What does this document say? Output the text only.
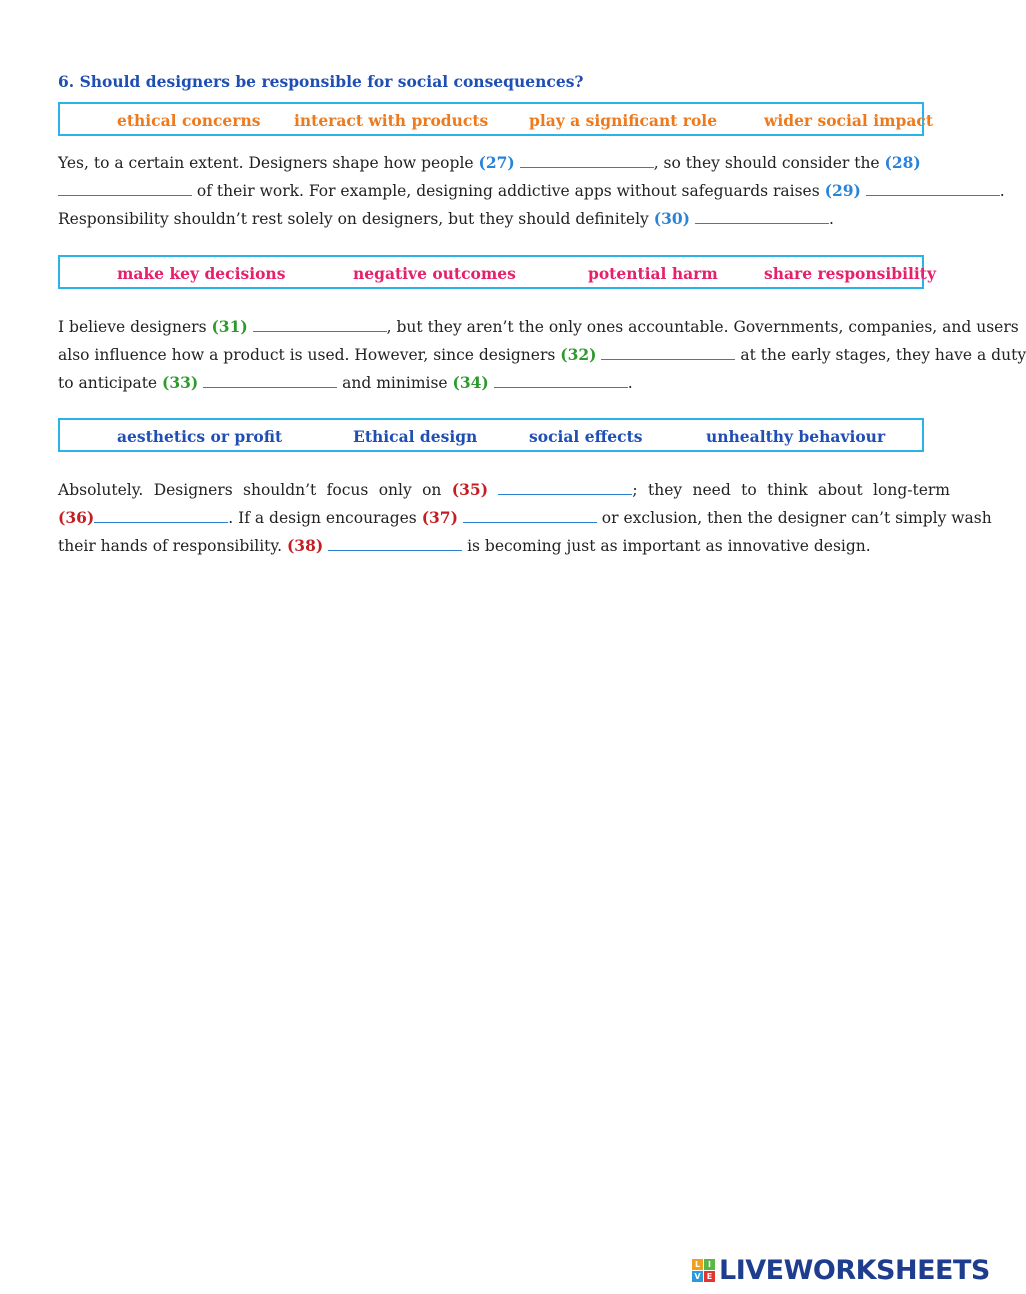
6. Should designers be responsible for social consequences?
ethical concerns interact with products	play a significant role	wider social impact
Yes, to a certain extent. Designers shape how people (27)	, so they should consider the (28)
of their work. For example, designing addictive apps without safeguards raises (29)	.
Responsibility shouldn’t rest solely on designers, but they should definitely (30)	.
make key decisions	negative outcomes	potential harm	share responsibility
I believe designers (31)	, but they aren’t the only ones accountable. Governments, companies, and users
also influence how a product is used. However, since designers (32)	at the early stages, they have a duty
to anticipate (33)	and minimise (34)	.
aesthetics or profit	Ethical design	social effects	unhealthy behaviour
Absolutely. Designers shouldn’t focus only on (35)	; they need to think about long-term
(36)	. If a design encourages (37)	or exclusion, then the designer can’t simply wash
their hands of responsibility. (38)	is becoming just as important as innovative design.
L I
V E LIVEWORKSHEETS
